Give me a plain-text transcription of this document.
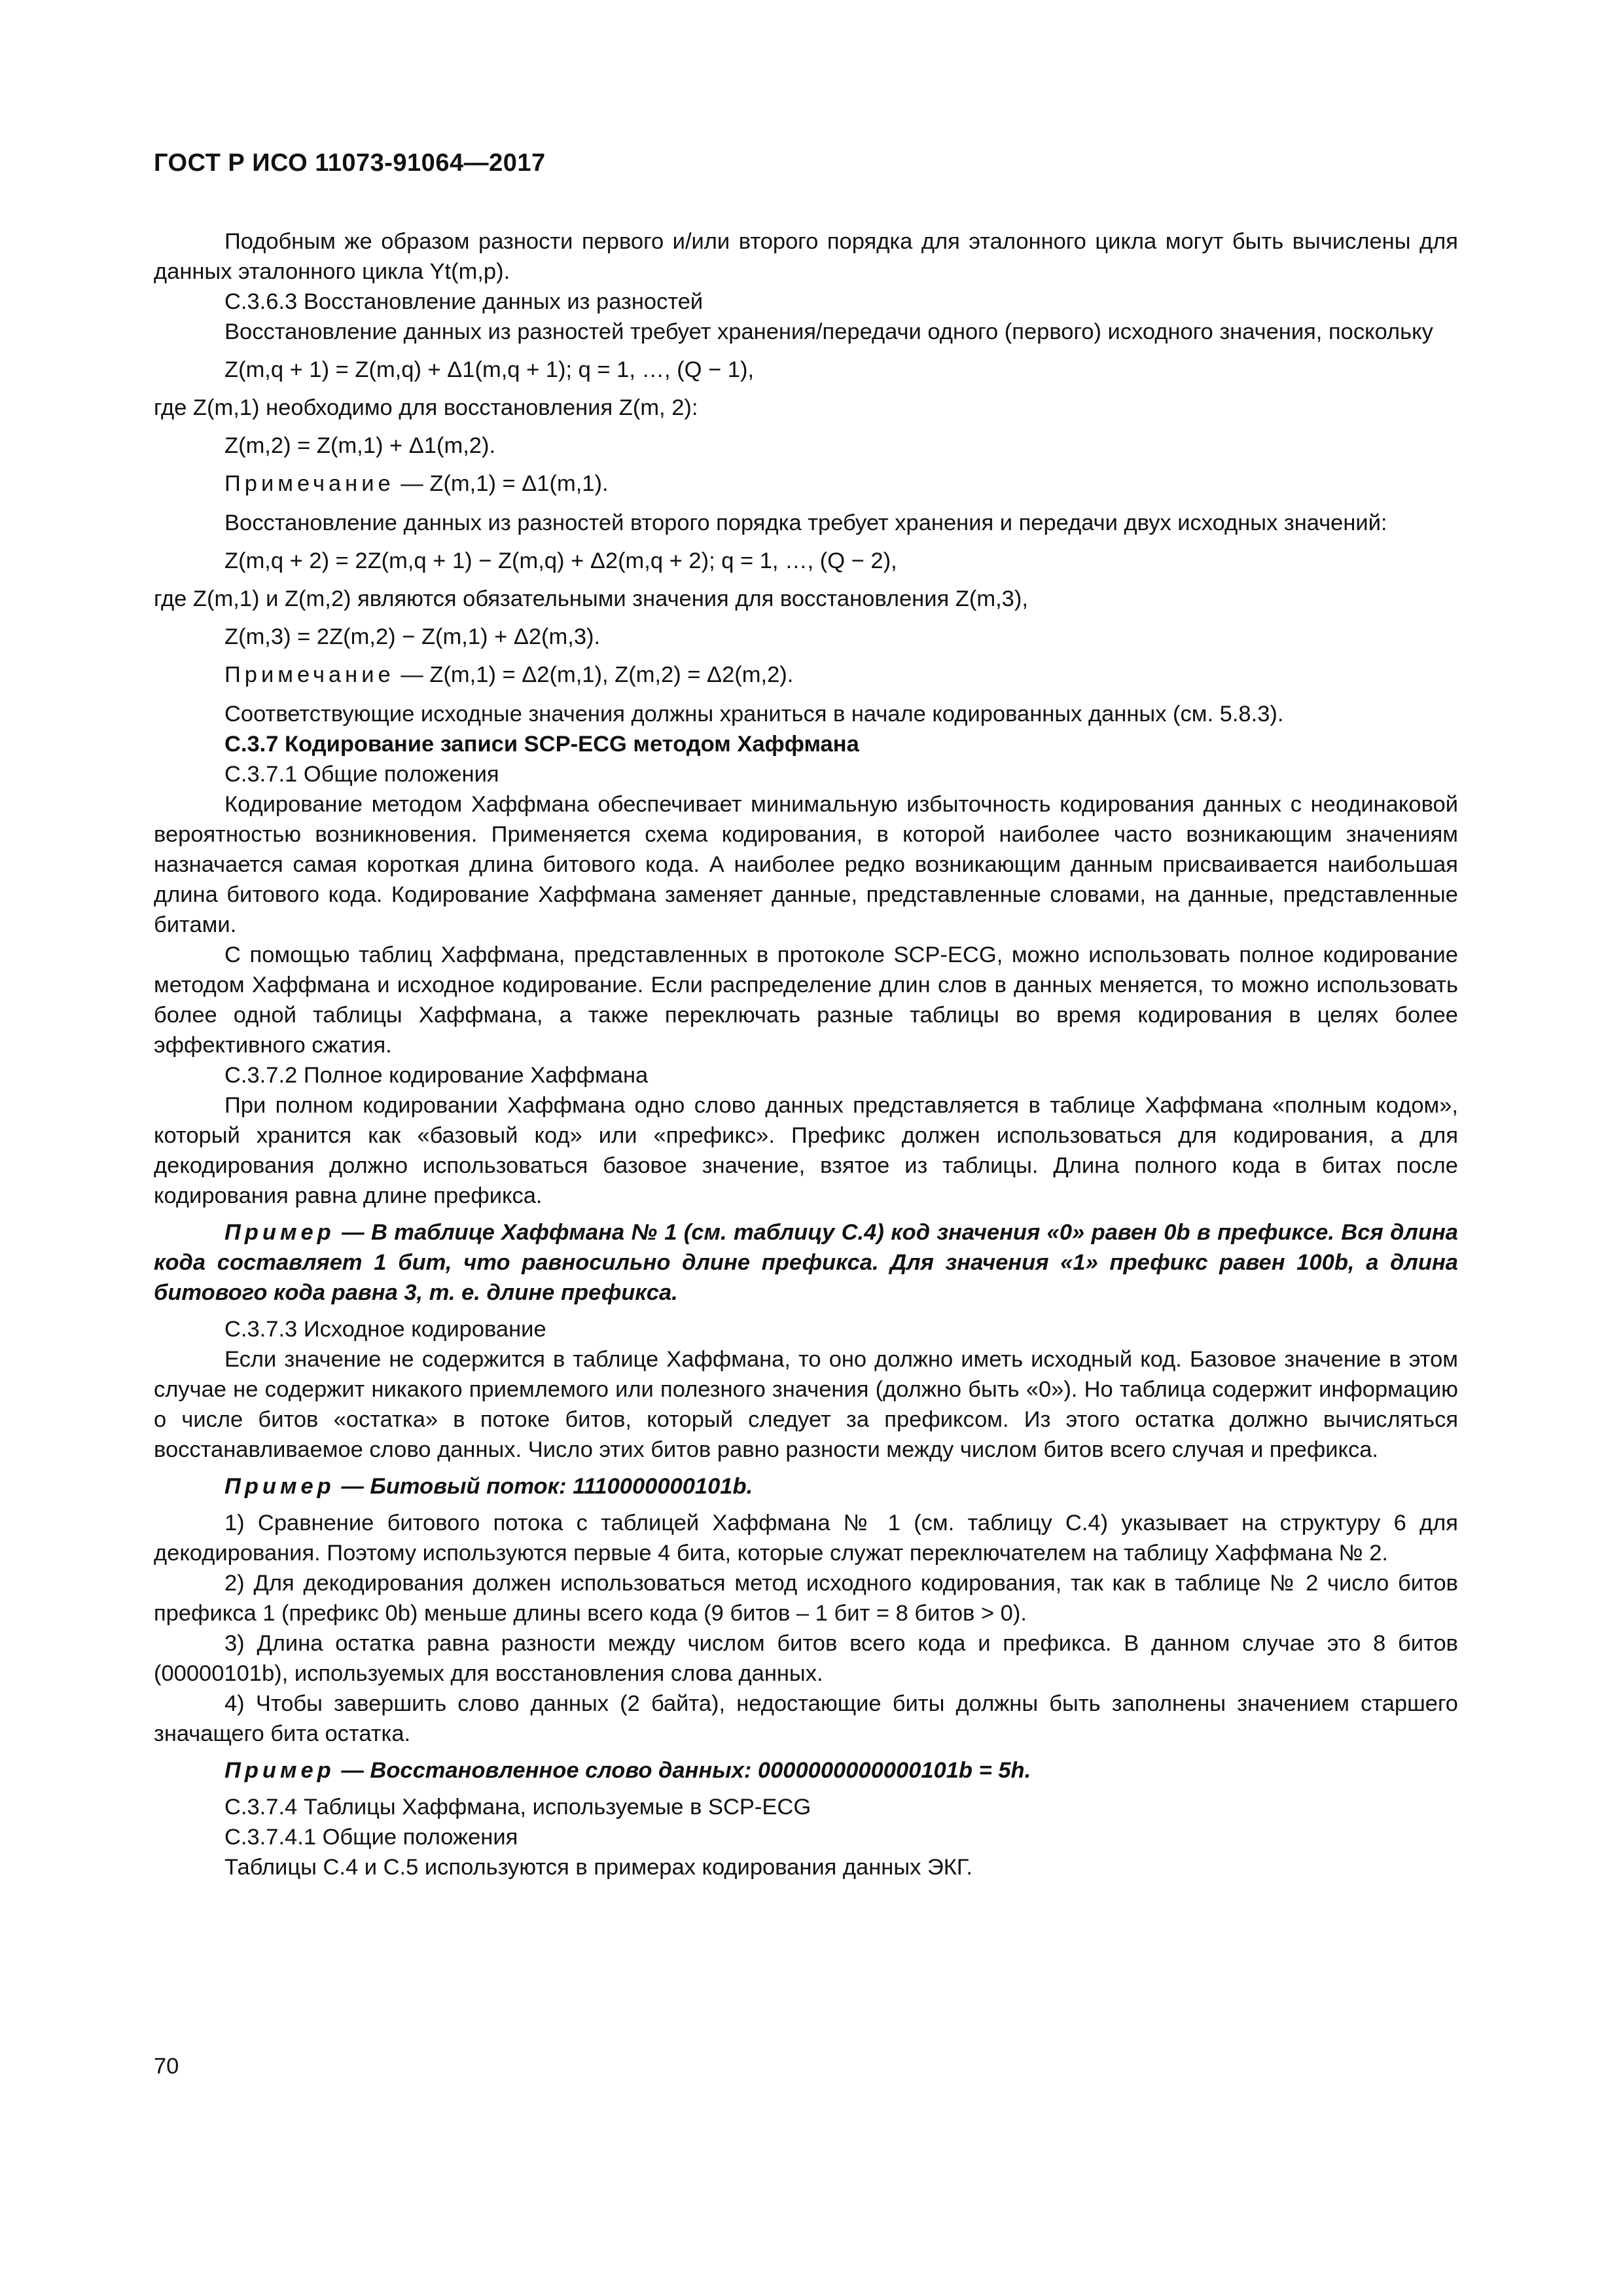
ГОСТ Р ИСО 11073-91064—2017

Подобным же образом разности первого и/или второго порядка для эталонного цикла могут быть вычислены для данных эталонного цикла Yt(m,p).

С.3.6.3 Восстановление данных из разностей

Восстановление данных из разностей требует хранения/передачи одного (первого) исходного значения, поскольку

Z(m,q + 1) = Z(m,q) + Δ1(m,q + 1); q = 1, …, (Q − 1),

где Z(m,1) необходимо для восстановления Z(m, 2):

Z(m,2) = Z(m,1) + Δ1(m,2).

Примечание — Z(m,1) = Δ1(m,1).

Восстановление данных из разностей второго порядка требует хранения и передачи двух исходных значений:

Z(m,q + 2) = 2Z(m,q + 1) − Z(m,q) + Δ2(m,q + 2); q = 1, …, (Q − 2),

где Z(m,1) и Z(m,2) являются обязательными значения для восстановления Z(m,3),

Z(m,3) = 2Z(m,2) − Z(m,1) + Δ2(m,3).

Примечание — Z(m,1) = Δ2(m,1), Z(m,2) = Δ2(m,2).

Соответствующие исходные значения должны храниться в начале кодированных данных (см. 5.8.3).

С.3.7 Кодирование записи SCP-ECG методом Хаффмана

С.3.7.1 Общие положения

Кодирование методом Хаффмана обеспечивает минимальную избыточность кодирования данных с неодинаковой вероятностью возникновения. Применяется схема кодирования, в которой наиболее часто возникающим значениям назначается самая короткая длина битового кода. А наиболее редко возникающим данным присваивается наибольшая длина битового кода. Кодирование Хаффмана заменяет данные, представленные словами, на данные, представленные битами.

С помощью таблиц Хаффмана, представленных в протоколе SCP-ECG, можно использовать полное кодирование методом Хаффмана и исходное кодирование. Если распределение длин слов в данных меняется, то можно использовать более одной таблицы Хаффмана, а также переключать разные таблицы во время кодирования в целях более эффективного сжатия.

С.3.7.2 Полное кодирование Хаффмана

При полном кодировании Хаффмана одно слово данных представляется в таблице Хаффмана «полным кодом», который хранится как «базовый код» или «префикс». Префикс должен использоваться для кодирования, а для декодирования должно использоваться базовое значение, взятое из таблицы. Длина полного кода в битах после кодирования равна длине префикса.

Пример — В таблице Хаффмана № 1 (см. таблицу С.4) код значения «0» равен 0b в префиксе. Вся длина кода составляет 1 бит, что равносильно длине префикса. Для значения «1» префикс равен 100b, а длина битового кода равна 3, т. е. длине префикса.

С.3.7.3 Исходное кодирование

Если значение не содержится в таблице Хаффмана, то оно должно иметь исходный код. Базовое значение в этом случае не содержит никакого приемлемого или полезного значения (должно быть «0»). Но таблица содержит информацию о числе битов «остатка» в потоке битов, который следует за префиксом. Из этого остатка должно вычисляться восстанавливаемое слово данных. Число этих битов равно разности между числом битов всего случая и префикса.

Пример — Битовый поток: 1110000000101b.

1) Сравнение битового потока с таблицей Хаффмана № 1 (см. таблицу С.4) указывает на структуру 6 для декодирования. Поэтому используются первые 4 бита, которые служат переключателем на таблицу Хаффмана № 2.

2) Для декодирования должен использоваться метод исходного кодирования, так как в таблице № 2 число битов префикса 1 (префикс 0b) меньше длины всего кода (9 битов – 1 бит = 8 битов > 0).

3) Длина остатка равна разности между числом битов всего кода и префикса. В данном случае это 8 битов (00000101b), используемых для восстановления слова данных.

4) Чтобы завершить слово данных (2 байта), недостающие биты должны быть заполнены значением старшего значащего бита остатка.

Пример — Восстановленное слово данных: 0000000000000101b = 5h.

С.3.7.4 Таблицы Хаффмана, используемые в SCP-ECG

С.3.7.4.1 Общие положения

Таблицы С.4 и С.5 используются в примерах кодирования данных ЭКГ.

70
